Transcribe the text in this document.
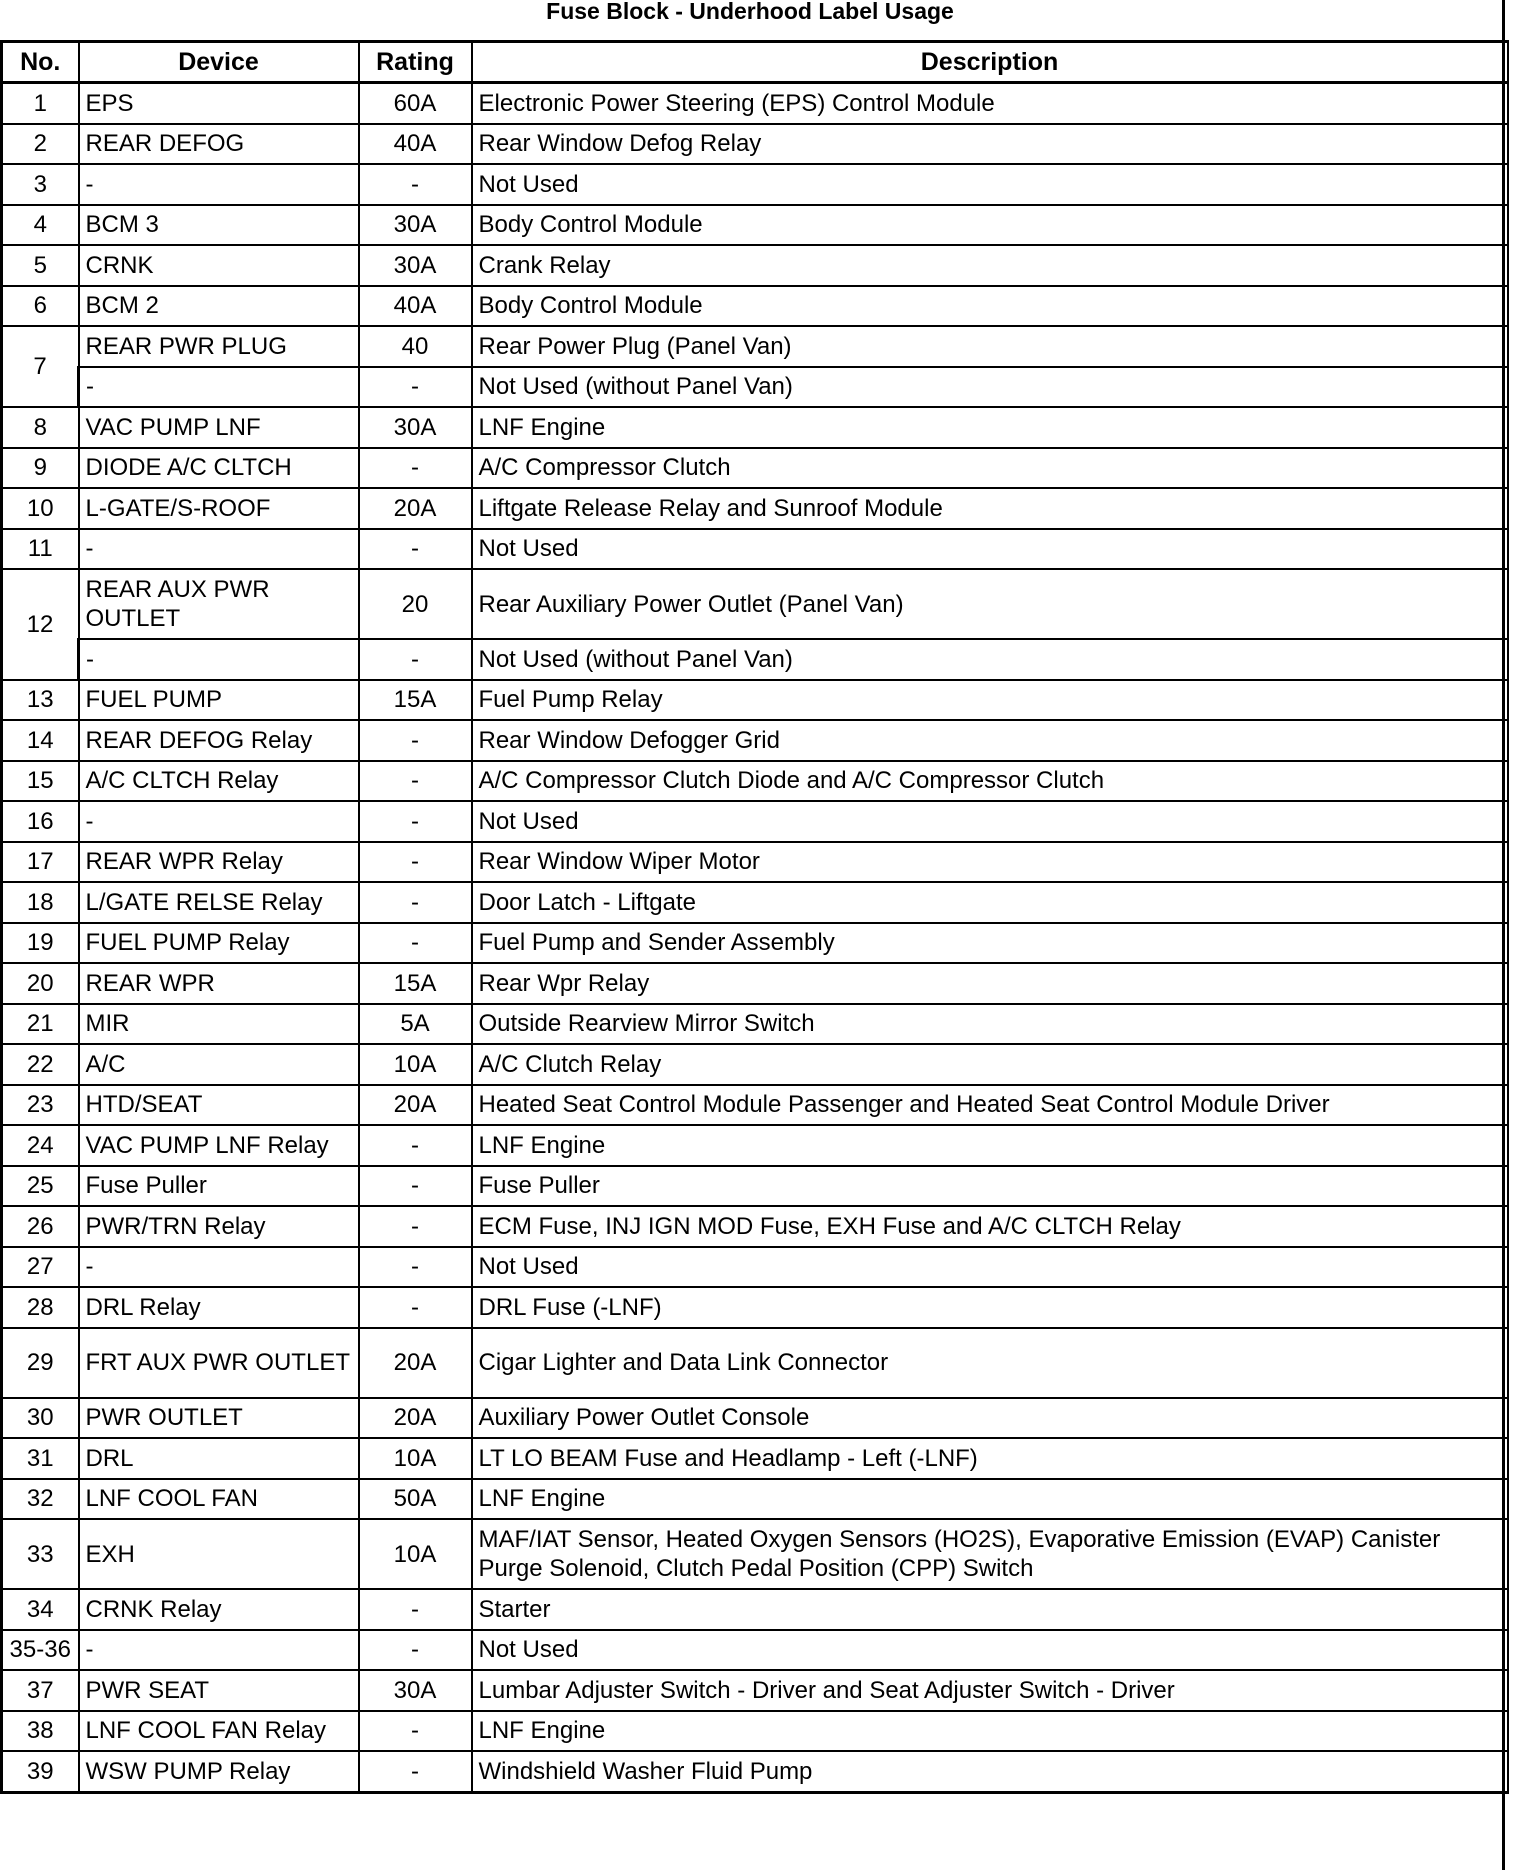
Fuse Block - Underhood Label Usage
No.	Device	Rating	Description
1	EPS	60A	Electronic Power Steering (EPS) Control Module
2	REAR DEFOG	40A	Rear Window Defog Relay
3	-	-	Not Used
4	BCM 3	30A	Body Control Module
5	CRNK	30A	Crank Relay
6	BCM 2	40A	Body Control Module
7	REAR PWR PLUG	40	Rear Power Plug (Panel Van)
	-	-	Not Used (without Panel Van)
8	VAC PUMP LNF	30A	LNF Engine
9	DIODE A/C CLTCH	-	A/C Compressor Clutch
10	L-GATE/S-ROOF	20A	Liftgate Release Relay and Sunroof Module
11	-	-	Not Used
12	REAR AUX PWR OUTLET	20	Rear Auxiliary Power Outlet (Panel Van)
	-	-	Not Used (without Panel Van)
13	FUEL PUMP	15A	Fuel Pump Relay
14	REAR DEFOG Relay	-	Rear Window Defogger Grid
15	A/C CLTCH Relay	-	A/C Compressor Clutch Diode and A/C Compressor Clutch
16	-	-	Not Used
17	REAR WPR Relay	-	Rear Window Wiper Motor
18	L/GATE RELSE Relay	-	Door Latch - Liftgate
19	FUEL PUMP Relay	-	Fuel Pump and Sender Assembly
20	REAR WPR	15A	Rear Wpr Relay
21	MIR	5A	Outside Rearview Mirror Switch
22	A/C	10A	A/C Clutch Relay
23	HTD/SEAT	20A	Heated Seat Control Module Passenger and Heated Seat Control Module Driver
24	VAC PUMP LNF Relay	-	LNF Engine
25	Fuse Puller	-	Fuse Puller
26	PWR/TRN Relay	-	ECM Fuse, INJ IGN MOD Fuse, EXH Fuse and A/C CLTCH Relay
27	-	-	Not Used
28	DRL Relay	-	DRL Fuse (-LNF)
29	FRT AUX PWR OUTLET	20A	Cigar Lighter and Data Link Connector
30	PWR OUTLET	20A	Auxiliary Power Outlet Console
31	DRL	10A	LT LO BEAM Fuse and Headlamp - Left (-LNF)
32	LNF COOL FAN	50A	LNF Engine
33	EXH	10A	MAF/IAT Sensor, Heated Oxygen Sensors (HO2S), Evaporative Emission (EVAP) Canister Purge Solenoid, Clutch Pedal Position (CPP) Switch
34	CRNK Relay	-	Starter
35-36	-	-	Not Used
37	PWR SEAT	30A	Lumbar Adjuster Switch - Driver and Seat Adjuster Switch - Driver
38	LNF COOL FAN Relay	-	LNF Engine
39	WSW PUMP Relay	-	Windshield Washer Fluid Pump
